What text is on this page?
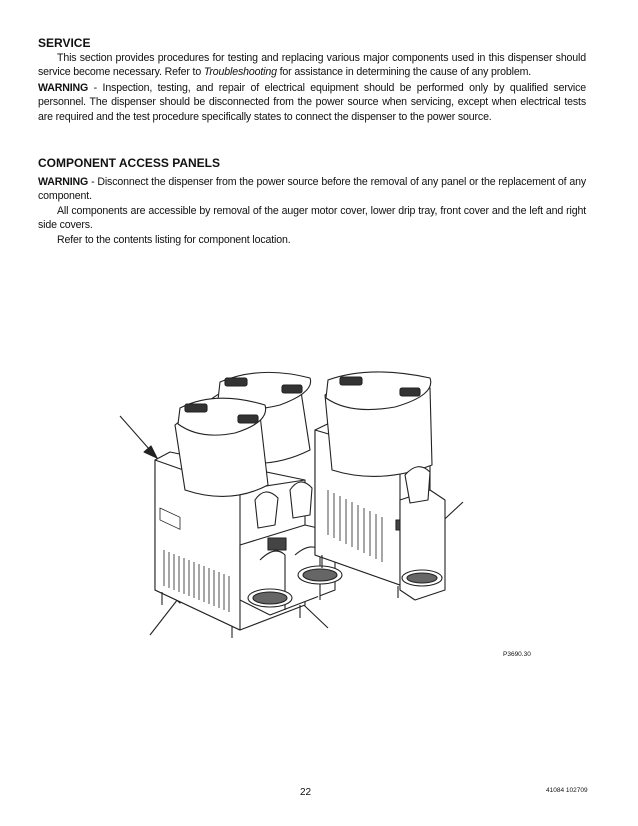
SERVICE

This section provides procedures for testing and replacing various major components used in this dispenser should service become necessary. Refer to Troubleshooting for assistance in determining the cause of any problem.

WARNING - Inspection, testing, and repair of electrical equipment should be performed only by qualified service personnel. The dispenser should be disconnected from the power source when servicing, except when electrical tests are required and the test procedure specifically states to connect the dispenser to the power source.

COMPONENT ACCESS PANELS

WARNING - Disconnect the dispenser from the power source before the removal of any panel or the replacement of any component.

All components are accessible by removal of the auger motor cover, lower drip tray, front cover and the left and right side covers.

Refer to the contents listing for component location.

P3690.30
22	41084 102709
